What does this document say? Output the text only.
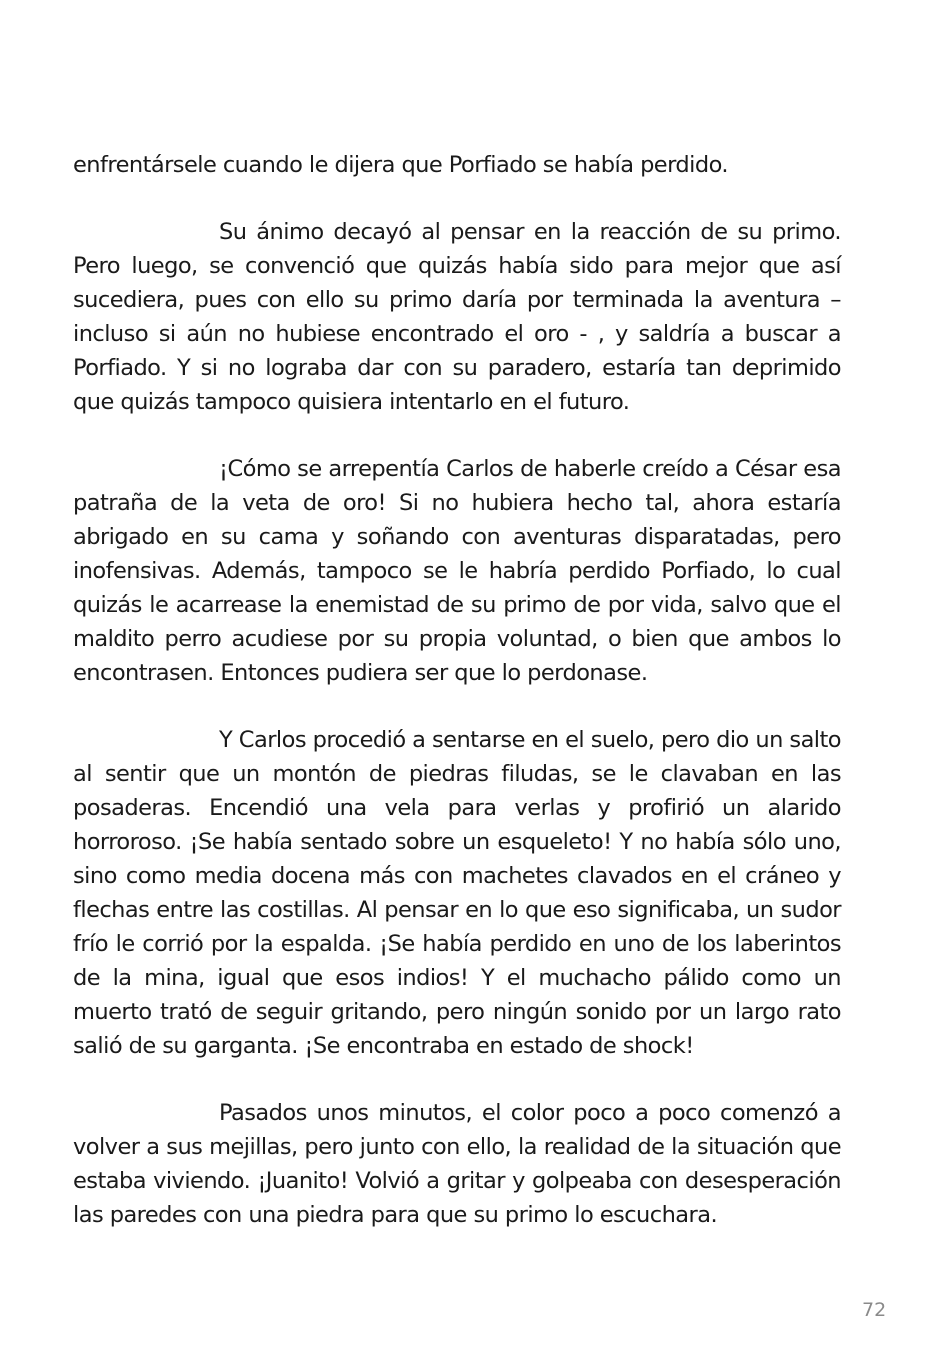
enfrentársele cuando le dijera que Porfiado se había perdido.

Su ánimo decayó al pensar en la reacción de su primo. Pero luego, se convenció que quizás había sido para mejor que así sucediera, pues con ello su primo daría por terminada la aventura – incluso si aún no hubiese encontrado el oro - , y saldría a buscar a Porfiado. Y si no lograba dar con su paradero, estaría tan deprimido que quizás tampoco quisiera intentarlo en el futuro.

¡Cómo se arrepentía Carlos de haberle creído a César esa patraña de la veta de oro! Si no hubiera hecho tal, ahora estaría abrigado en su cama y soñando con aventuras disparatadas, pero inofensivas. Además, tampoco se le habría perdido Porfiado, lo cual quizás le acarrease la enemistad de su primo de por vida, salvo que el maldito perro acudiese por su propia voluntad, o bien que ambos lo encontrasen. Entonces pudiera ser que lo perdonase.

Y Carlos procedió a sentarse en el suelo, pero dio un salto al sentir que un montón de piedras filudas, se le clavaban en las posaderas. Encendió una vela para verlas y profirió un alarido horroroso. ¡Se había sentado sobre un esqueleto! Y no había sólo uno, sino como media docena más con machetes clavados en el cráneo y flechas entre las costillas. Al pensar en lo que eso significaba, un sudor frío le corrió por la espalda. ¡Se había perdido en uno de los laberintos de la mina, igual que esos indios! Y el muchacho pálido como un muerto trató de seguir gritando, pero ningún sonido por un largo rato salió de su garganta. ¡Se encontraba en estado de shock!

Pasados unos minutos, el color poco a poco comenzó a volver a sus mejillas, pero junto con ello, la realidad de la situación que estaba viviendo. ¡Juanito! Volvió a gritar y golpeaba con desesperación las paredes con una piedra para que su primo lo escuchara.

72
